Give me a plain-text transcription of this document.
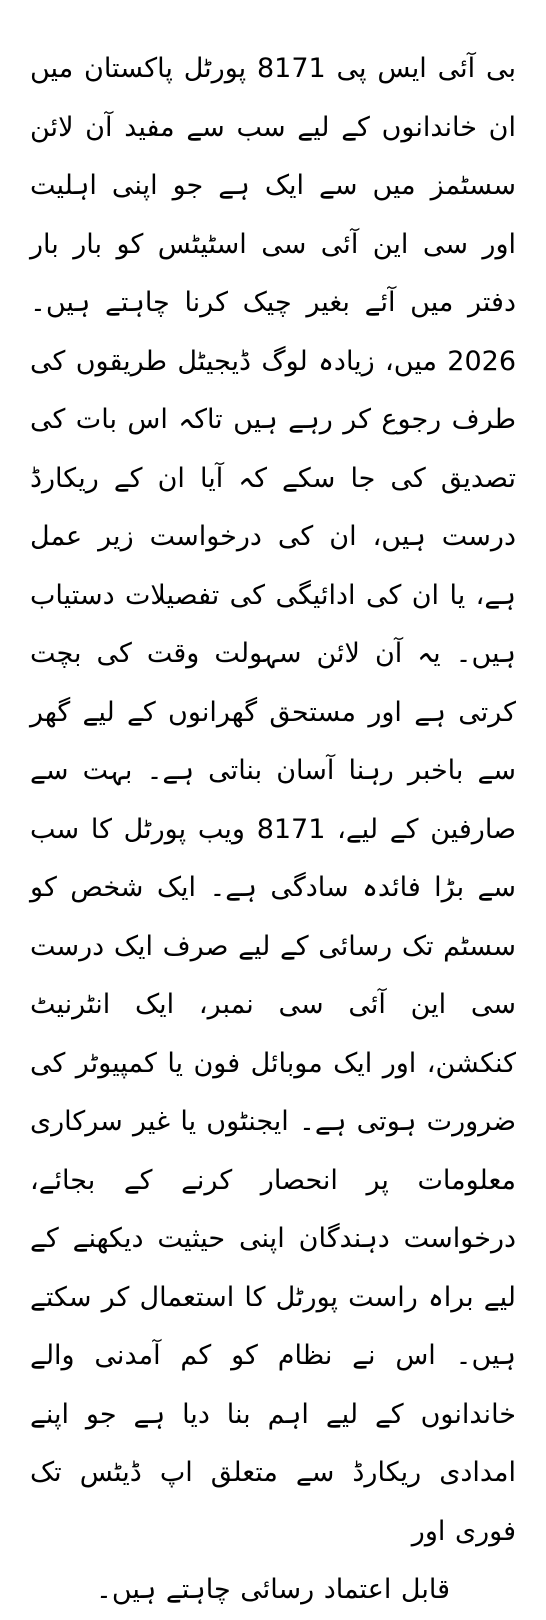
بی آئی ایس پی 8171 پورٹل پاکستان میں ان خاندانوں کے لیے سب سے مفید آن لائن سسٹمز میں سے ایک ہے جو اپنی اہلیت اور سی این آئی سی اسٹیٹس کو بار بار دفتر میں آئے بغیر چیک کرنا چاہتے ہیں۔ 2026 میں، زیادہ لوگ ڈیجیٹل طریقوں کی طرف رجوع کر رہے ہیں تاکہ اس بات کی تصدیق کی جا سکے کہ آیا ان کے ریکارڈ درست ہیں، ان کی درخواست زیر عمل ہے، یا ان کی ادائیگی کی تفصیلات دستیاب ہیں۔ یہ آن لائن سہولت وقت کی بچت کرتی ہے اور مستحق گھرانوں کے لیے گھر سے باخبر رہنا آسان بناتی ہے۔ بہت سے صارفین کے لیے، 8171 ویب پورٹل کا سب سے بڑا فائدہ سادگی ہے۔ ایک شخص کو سسٹم تک رسائی کے لیے صرف ایک درست سی این آئی سی نمبر، ایک انٹرنیٹ کنکشن، اور ایک موبائل فون یا کمپیوٹر کی ضرورت ہوتی ہے۔ ایجنٹوں یا غیر سرکاری معلومات پر انحصار کرنے کے بجائے، درخواست دہندگان اپنی حیثیت دیکھنے کے لیے براہ راست پورٹل کا استعمال کر سکتے ہیں۔ اس نے نظام کو کم آمدنی والے خاندانوں کے لیے اہم بنا دیا ہے جو اپنے امدادی ریکارڈ سے متعلق اپ ڈیٹس تک فوری اور
قابل اعتماد رسائی چاہتے ہیں۔
